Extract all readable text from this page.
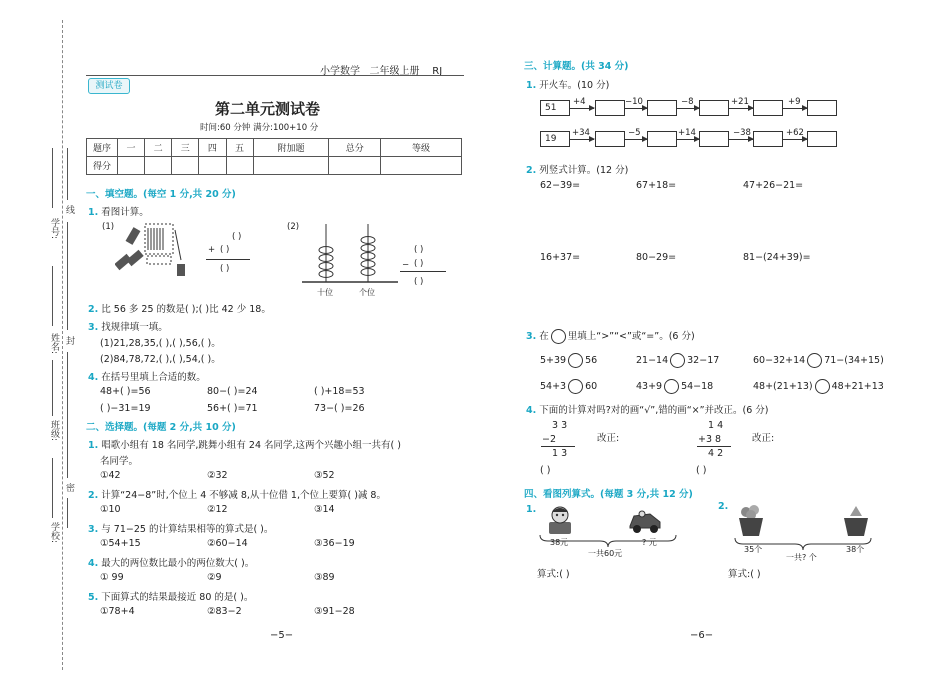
学号:
姓名:
班级:
学校:
线
封
密
小学数学 二年级上册 RJ
测试卷
第二单元测试卷
时间:60 分钟 满分:100+10 分
题序	一	二	三	四	五	附加题	总分	等级
得分								
一、填空题。(每空 1 分,共 20 分)
1. 看图计算。
(1)	(2)
( )
+ ( )
( )
十位	个位
( )
− ( )
( )
2. 比 56 多 25 的数是( );( )比 42 少 18。
3. 找规律填一填。
(1)21,28,35,( ),( ),56,( )。
(2)84,78,72,( ),( ),54,( )。
4. 在括号里填上合适的数。
48+( )=56	80−( )=24	( )+18=53
( )−31=19	56+( )=71	73−( )=26
二、选择题。(每题 2 分,共 10 分)
1. 唱歌小组有 18 名同学,跳舞小组有 24 名同学,这两个兴趣小组一共有( )
名同学。
①42	②32	③52
2. 计算“24−8”时,个位上 4 不够减 8,从十位借 1,个位上要算( )减 8。
①10	②12	③14
3. 与 71−25 的计算结果相等的算式是( )。
①54+15	②60−14	③36−19
4. 最大的两位数比最小的两位数大( )。
① 99	②9	③89
5. 下面算式的结果最接近 80 的是( )。
①78+4	②83−2	③91−28
−5−
三、计算题。(共 34 分)
1. 开火车。(10 分)
51
+4	−10	−8	+21	+9
19
+34	−5	+14	−38	+62
2. 列竖式计算。(12 分)
62−39=	67+18=	47+26−21=
16+37=	80−29=	81−(24+39)=
3. 在 里填上“>”“<”或“=”。(6 分)
5+39 56	21−14 32−17	60−32+14 71−(34+15)
54+3 60	43+9 54−18	48+(21+13) 48+21+13
4. 下面的计算对吗?对的画“√”,错的画“×”并改正。(6 分)
3 3
−2
1 3
( )
改正:
1 4
+3 8
4 2
( )
改正:
四、看图列算式。(每题 3 分,共 12 分)
1.
38元	? 元
一共60元
算式:( )
2.
35个	38个
一共? 个
算式:( )
−6−
